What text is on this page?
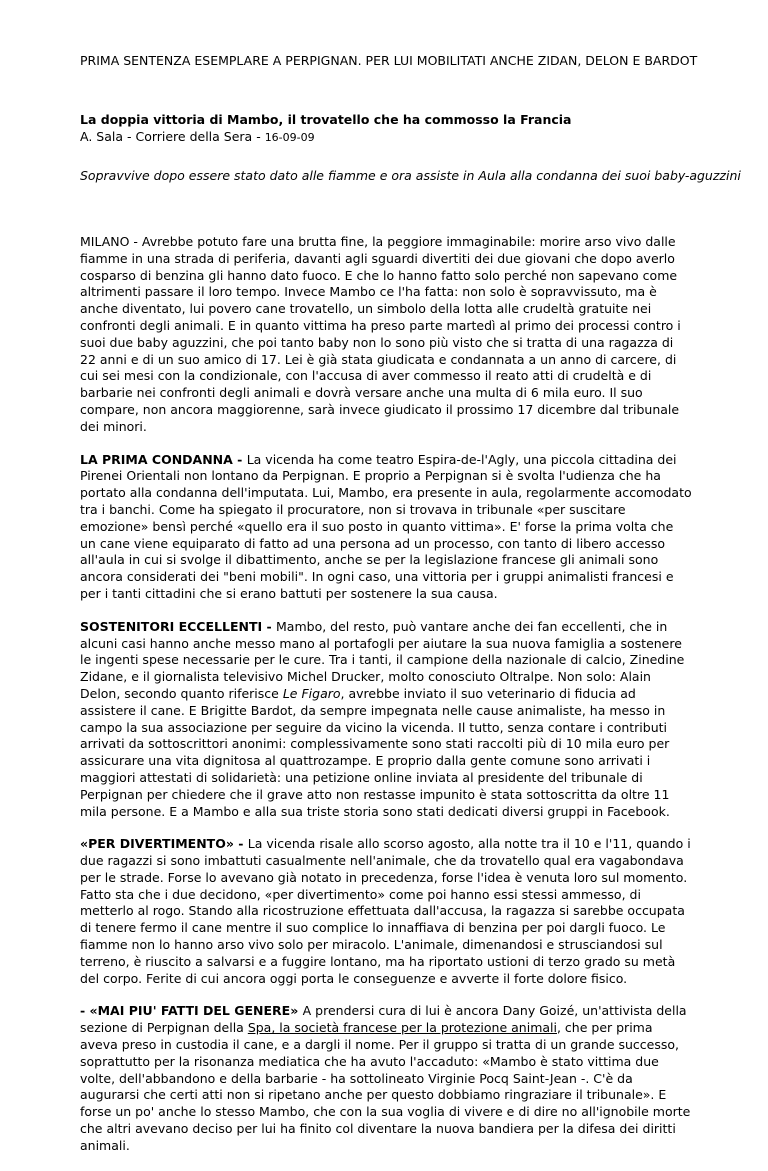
PRIMA SENTENZA ESEMPLARE A PERPIGNAN. PER LUI MOBILITATI ANCHE ZIDAN, DELON E BARDOT
La doppia vittoria di Mambo, il trovatello che ha commosso la Francia
A. Sala - Corriere della Sera - 16-09-09
Sopravvive dopo essere stato dato alle fiamme e ora assiste in Aula alla condanna dei suoi baby-aguzzini

MILANO - Avrebbe potuto fare una brutta fine, la peggiore immaginabile: morire arso vivo dalle fiamme in una strada di periferia, davanti agli sguardi divertiti dei due giovani che dopo averlo cosparso di benzina gli hanno dato fuoco. E che lo hanno fatto solo perché non sapevano come altrimenti passare il loro tempo. Invece Mambo ce l'ha fatta: non solo è sopravvissuto, ma è anche diventato, lui povero cane trovatello, un simbolo della lotta alle crudeltà gratuite nei confronti degli animali. E in quanto vittima ha preso parte martedì al primo dei processi contro i suoi due baby aguzzini, che poi tanto baby non lo sono più visto che si tratta di una ragazza di 22 anni e di un suo amico di 17. Lei è già stata giudicata e condannata a un anno di carcere, di cui sei mesi con la condizionale, con l'accusa di aver commesso il reato atti di crudeltà e di barbarie nei confronti degli animali e dovrà versare anche una multa di 6 mila euro. Il suo compare, non ancora maggiorenne, sarà invece giudicato il prossimo 17 dicembre dal tribunale dei minori.

LA PRIMA CONDANNA - La vicenda ha come teatro Espira-de-l'Agly, una piccola cittadina dei Pirenei Orientali non lontano da Perpignan. E proprio a Perpignan si è svolta l'udienza che ha portato alla condanna dell'imputata. Lui, Mambo, era presente in aula, regolarmente accomodato tra i banchi. Come ha spiegato il procuratore, non si trovava in tribunale «per suscitare emozione» bensì perché «quello era il suo posto in quanto vittima». E' forse la prima volta che un cane viene equiparato di fatto ad una persona ad un processo, con tanto di libero accesso all'aula in cui si svolge il dibattimento, anche se per la legislazione francese gli animali sono ancora considerati dei "beni mobili". In ogni caso, una vittoria per i gruppi animalisti francesi e per i tanti cittadini che si erano battuti per sostenere la sua causa.

SOSTENITORI ECCELLENTI - Mambo, del resto, può vantare anche dei fan eccellenti, che in alcuni casi hanno anche messo mano al portafogli per aiutare la sua nuova famiglia a sostenere le ingenti spese necessarie per le cure. Tra i tanti, il campione della nazionale di calcio, Zinedine Zidane, e il giornalista televisivo Michel Drucker, molto conosciuto Oltralpe. Non solo: Alain Delon, secondo quanto riferisce Le Figaro, avrebbe inviato il suo veterinario di fiducia ad assistere il cane. E Brigitte Bardot, da sempre impegnata nelle cause animaliste, ha messo in campo la sua associazione per seguire da vicino la vicenda. Il tutto, senza contare i contributi arrivati da sottoscrittori anonimi: complessivamente sono stati raccolti più di 10 mila euro per assicurare una vita dignitosa al quattrozampe. E proprio dalla gente comune sono arrivati i maggiori attestati di solidarietà: una petizione online inviata al presidente del tribunale di Perpignan per chiedere che il grave atto non restasse impunito è stata sottoscritta da oltre 11 mila persone. E a Mambo e alla sua triste storia sono stati dedicati diversi gruppi in Facebook.

«PER DIVERTIMENTO» - La vicenda risale allo scorso agosto, alla notte tra il 10 e l'11, quando i due ragazzi si sono imbattuti casualmente nell'animale, che da trovatello qual era vagabondava per le strade. Forse lo avevano già notato in precedenza, forse l'idea è venuta loro sul momento. Fatto sta che i due decidono, «per divertimento» come poi hanno essi stessi ammesso, di metterlo al rogo. Stando alla ricostruzione effettuata dall'accusa, la ragazza si sarebbe occupata di tenere fermo il cane mentre il suo complice lo innaffiava di benzina per poi dargli fuoco. Le fiamme non lo hanno arso vivo solo per miracolo. L'animale, dimenandosi e strusciandosi sul terreno, è riuscito a salvarsi e a fuggire lontano, ma ha riportato ustioni di terzo grado su metà del corpo. Ferite di cui ancora oggi porta le conseguenze e avverte il forte dolore fisico.

- «MAI PIU' FATTI DEL GENERE» A prendersi cura di lui è ancora Dany Goizé, un'attivista della sezione di Perpignan della Spa, la società francese per la protezione animali, che per prima aveva preso in custodia il cane, e a dargli il nome. Per il gruppo si tratta di un grande successo, soprattutto per la risonanza mediatica che ha avuto l'accaduto: «Mambo è stato vittima due volte, dell'abbandono e della barbarie - ha sottolineato Virginie Pocq Saint-Jean -. C'è da augurarsi che certi atti non si ripetano anche per questo dobbiamo ringraziare il tribunale». E forse un po' anche lo stesso Mambo, che con la sua voglia di vivere e di dire no all'ignobile morte che altri avevano deciso per lui ha finito col diventare la nuova bandiera per la difesa dei diritti animali.
